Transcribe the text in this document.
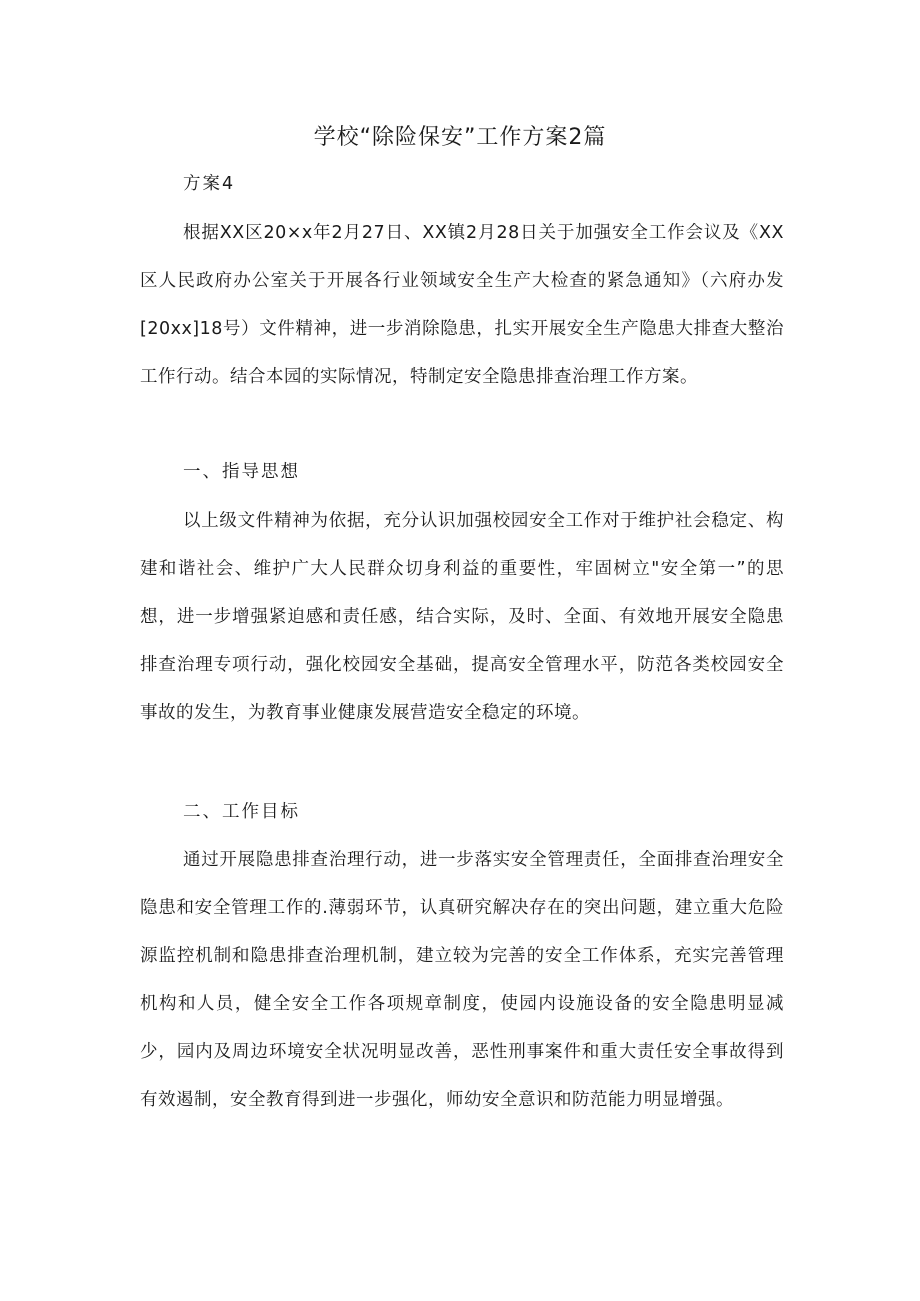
学校“除险保安”工作方案2篇

方案4

根据XX区20×x年2月27日、XX镇2月28日关于加强安全工作会议及《XX区人民政府办公室关于开展各行业领域安全生产大检查的紧急通知》（六府办发[20xx]18号）文件精神，进一步消除隐患，扎实开展安全生产隐患大排查大整治工作行动。结合本园的实际情况，特制定安全隐患排查治理工作方案。

一、指导思想

以上级文件精神为依据，充分认识加强校园安全工作对于维护社会稳定、构建和谐社会、维护广大人民群众切身利益的重要性，牢固树立"安全第一”的思想，进一步增强紧迫感和责任感，结合实际，及时、全面、有效地开展安全隐患排查治理专项行动，强化校园安全基础，提高安全管理水平，防范各类校园安全事故的发生，为教育事业健康发展营造安全稳定的环境。

二、工作目标

通过开展隐患排查治理行动，进一步落实安全管理责任，全面排查治理安全隐患和安全管理工作的.薄弱环节，认真研究解决存在的突出问题，建立重大危险源监控机制和隐患排查治理机制，建立较为完善的安全工作体系，充实完善管理机构和人员，健全安全工作各项规章制度，使园内设施设备的安全隐患明显减少，园内及周边环境安全状况明显改善，恶性刑事案件和重大责任安全事故得到有效遏制，安全教育得到进一步强化，师幼安全意识和防范能力明显增强。
